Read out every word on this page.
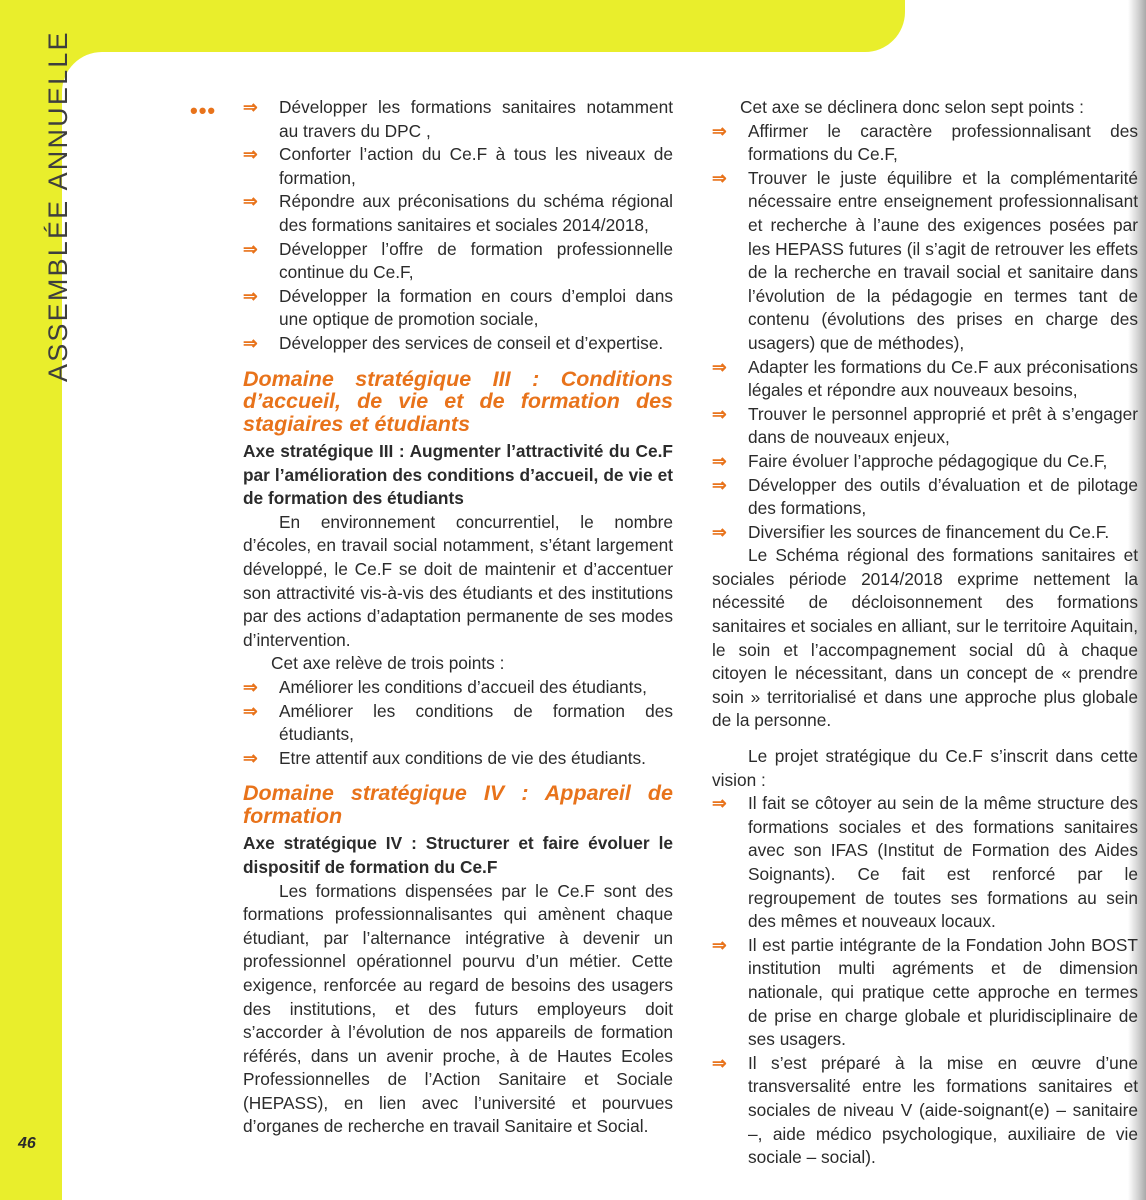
ASSEMBLÉE ANNUELLE
46
••• ⇒ Développer les formations sanitaires notamment au travers du DPC ,
⇒ Conforter l’action du Ce.F à tous les niveaux de formation,
⇒ Répondre aux préconisations du schéma régional des formations sanitaires et sociales 2014/2018,
⇒ Développer l’offre de formation professionnelle continue du Ce.F,
⇒ Développer la formation en cours d’emploi dans une optique de promotion sociale,
⇒ Développer des services de conseil et d’expertise.
Domaine stratégique III : Conditions d’accueil, de vie et de formation des stagiaires et étudiants
Axe stratégique III : Augmenter l’attractivité du Ce.F par l’amélioration des conditions d’accueil, de vie et de formation des étudiants
En environnement concurrentiel, le nombre d’écoles, en travail social notamment, s’étant largement développé, le Ce.F se doit de maintenir et d’accentuer son attractivité vis-à-vis des étudiants et des institutions par des actions d’adaptation permanente de ses modes d’intervention.
Cet axe relève de trois points :
⇒ Améliorer les conditions d’accueil des étudiants,
⇒ Améliorer les conditions de formation des étudiants,
⇒ Etre attentif aux conditions de vie des étudiants.
Domaine stratégique IV : Appareil de formation
Axe stratégique IV : Structurer et faire évoluer le dispositif de formation du Ce.F
Les formations dispensées par le Ce.F sont des formations professionnalisantes qui amènent chaque étudiant, par l’alternance intégrative à devenir un professionnel opérationnel pourvu d’un métier. Cette exigence, renforcée au regard de besoins des usagers des institutions, et des futurs employeurs doit s’accorder à l’évolution de nos appareils de formation référés, dans un avenir proche, à de Hautes Ecoles Professionnelles de l’Action Sanitaire et Sociale (HEPASS), en lien avec l’université et pourvues d’organes de recherche en travail Sanitaire et Social.
Cet axe se déclinera donc selon sept points :
⇒ Affirmer le caractère professionnalisant des formations du Ce.F,
⇒ Trouver le juste équilibre et la complémentarité nécessaire entre enseignement professionnalisant et recherche à l’aune des exigences posées par les HEPASS futures (il s’agit de retrouver les effets de la recherche en travail social et sanitaire dans l’évolution de la pédagogie en termes tant de contenu (évolutions des prises en charge des usagers) que de méthodes),
⇒ Adapter les formations du Ce.F aux préconisations légales et répondre aux nouveaux besoins,
⇒ Trouver le personnel approprié et prêt à s’engager dans de nouveaux enjeux,
⇒ Faire évoluer l’approche pédagogique du Ce.F,
⇒ Développer des outils d’évaluation et de pilotage des formations,
⇒ Diversifier les sources de financement du Ce.F.
Le Schéma régional des formations sanitaires et sociales période 2014/2018 exprime nettement la nécessité de décloisonnement des formations sanitaires et sociales en alliant, sur le territoire Aquitain, le soin et l’accompagnement social dû à chaque citoyen le nécessitant, dans un concept de « prendre soin » territorialisé et dans une approche plus globale de la personne.
Le projet stratégique du Ce.F s’inscrit dans cette vision :
⇒ Il fait se côtoyer au sein de la même structure des formations sociales et des formations sanitaires avec son IFAS (Institut de Formation des Aides Soignants). Ce fait est renforcé par le regroupement de toutes ses formations au sein des mêmes et nouveaux locaux.
⇒ Il est partie intégrante de la Fondation John BOST institution multi agréments et de dimension nationale, qui pratique cette approche en termes de prise en charge globale et pluridisciplinaire de ses usagers.
⇒ Il s’est préparé à la mise en œuvre d’une transversalité entre les formations sanitaires et sociales de niveau V (aide-soignant(e) – sanitaire –, aide médico psychologique, auxiliaire de vie sociale – social).
